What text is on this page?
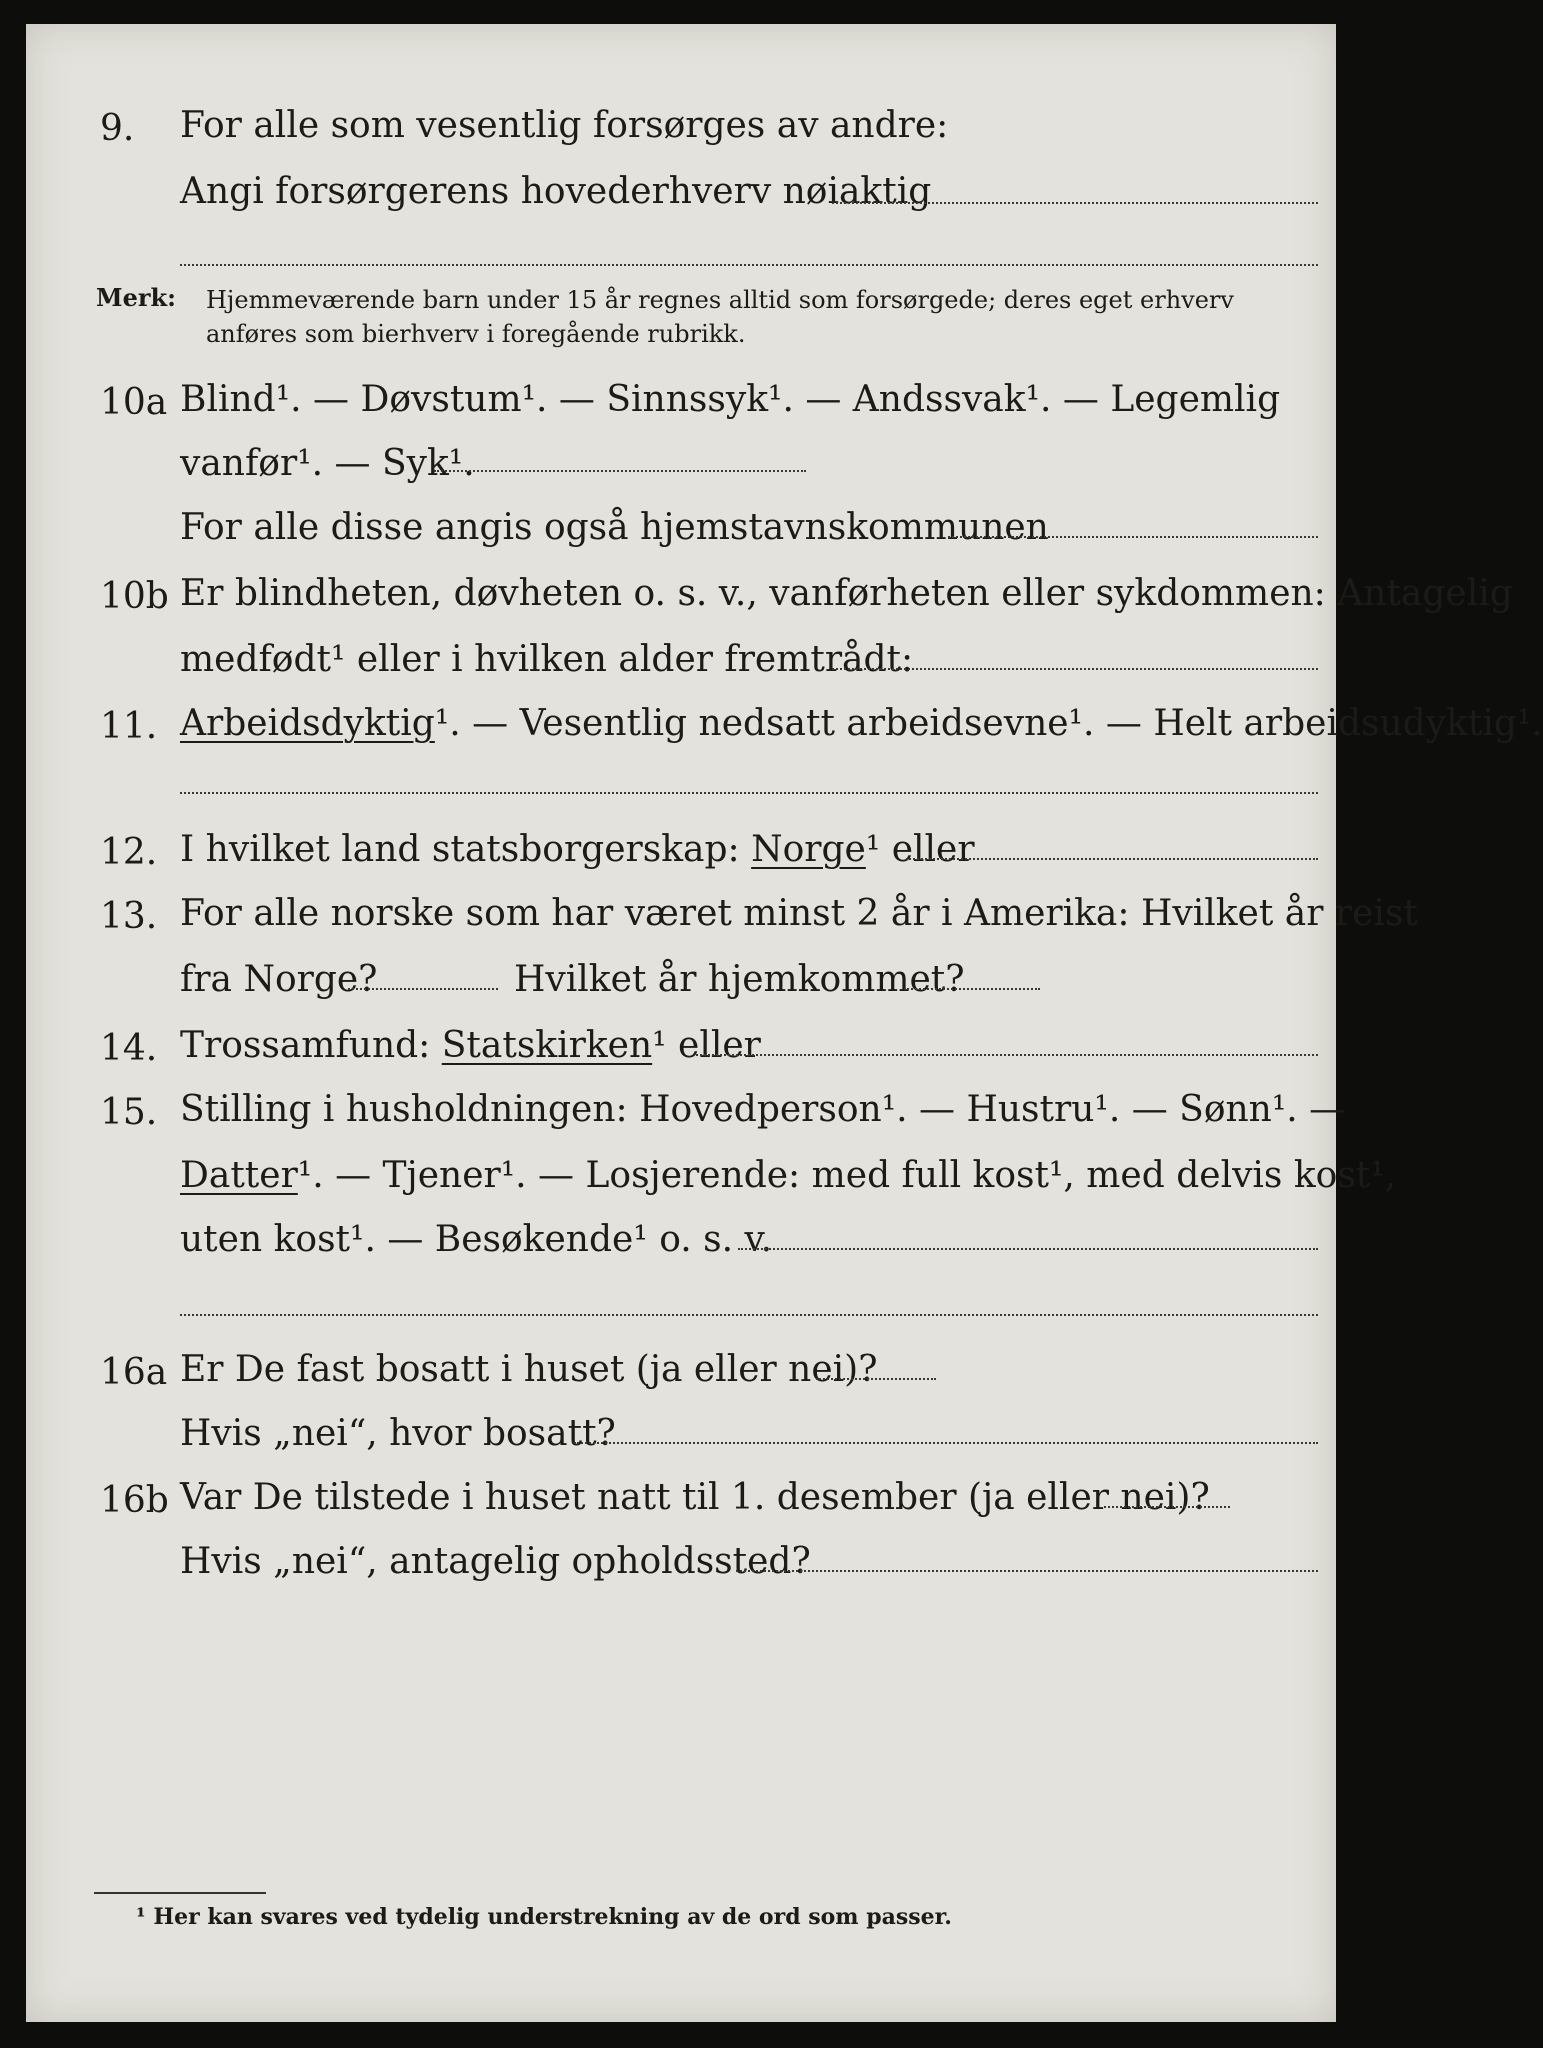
9. For alle som vesentlig forsørges av andre:
Angi forsørgerens hovederhverv nøiaktig
Merk: Hjemmeværende barn under 15 år regnes alltid som forsørgede; deres eget erhverv
anføres som bierhverv i foregående rubrikk.
10a Blind¹. — Døvstum¹. — Sinnssyk¹. — Andssvak¹. — Legemlig
vanfør¹. — Syk¹.
For alle disse angis også hjemstavnskommunen
10b Er blindheten, døvheten o. s. v., vanførheten eller sykdommen: Antagelig
medfødt¹ eller i hvilken alder fremtrådt:
11. Arbeidsdyktig¹. — Vesentlig nedsatt arbeidsevne¹. — Helt arbeidsudyktig¹.
12. I hvilket land statsborgerskap: Norge¹ eller
13. For alle norske som har været minst 2 år i Amerika: Hvilket år reist
fra Norge?	Hvilket år hjemkommet?
14. Trossamfund: Statskirken¹ eller
15. Stilling i husholdningen: Hovedperson¹. — Hustru¹. — Sønn¹. —
Datter¹. — Tjener¹. — Losjerende: med full kost¹, med delvis kost¹,
uten kost¹. — Besøkende¹ o. s. v.
16a Er De fast bosatt i huset (ja eller nei)?
Hvis „nei“, hvor bosatt?
16b Var De tilstede i huset natt til 1. desember (ja eller nei)?
Hvis „nei“, antagelig opholdssted?
¹ Her kan svares ved tydelig understrekning av de ord som passer.
